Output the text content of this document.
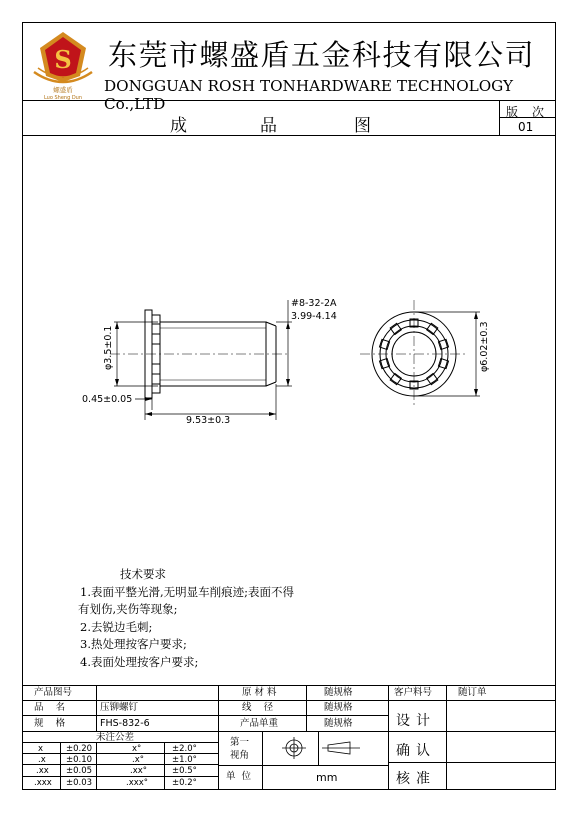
S
螺盛盾
Luo Sheng Dun
东莞市螺盛盾五金科技有限公司
DONGGUAN ROSH TONHARDWARE TECHNOLOGY Co.,LTD
成	品	图
版次
01
#8-32-2A
3.99-4.14
φ3.5±0.1
0.45±0.05
9.53±0.3
φ6.02±0.3
技术要求
1.表面平整光滑,无明显车削痕迹;表面不得
有划伤,夹伤等现象;
2.去锐边毛刺;
3.热处理按客户要求;
4.表面处理按客户要求;
产品图号
品    名	压铆螺钉
规    格	FHS-832-6
原 材 料	随规格
线    径	随规格
产品单重	随规格
客户料号	随订单
设计
确认
核准
未注公差
x	±0.20	x°	±2.0°
.x ±0.10	.x°	±1.0°
.xx ±0.05	.xx°	±0.5°
.xxx ±0.03	.xxx°	±0.2°
第一
视角
单  位	mm
